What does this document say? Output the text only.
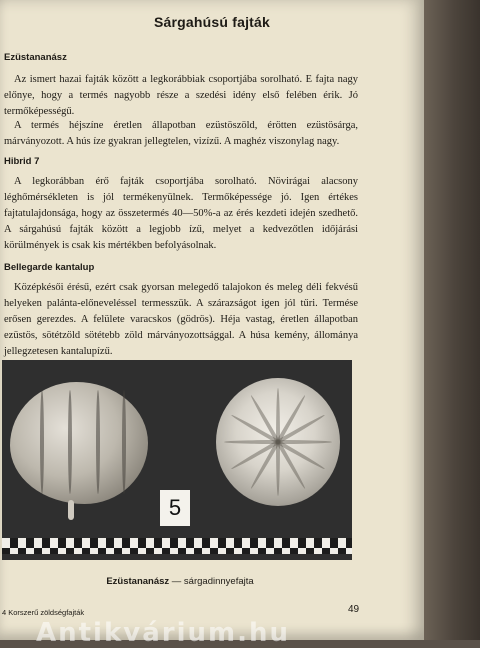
Sárgahúsú fajták
Ezüstananász

Az ismert hazai fajták között a legkorábbiak csoportjába sorolható. E fajta nagy előnye, hogy a termés nagyobb része a szedési idény első felében érik. Jó termőképességű.

A termés héjszíne éretlen állapotban ezüstöszöld, érötten ezüstösárga, márványozott. A hús íze gyakran jellegtelen, vizízű. A maghéz viszonylag nagy.

Hibrid 7

A legkorábban érő fajták csoportjába sorolható. Növirágai alacsony léghőmérsékleten is jól termékenyülnek. Termőképessége jó. Igen értékes fajtatulajdonsága, hogy az összetermés 40—50%-a az érés kezdeti idején szedhető. A sárgahúsú fajták között a legjobb ízű, melyet a kedvezőtlen időjárási körülmények is csak kis mértékben befolyásolnak.

Bellegarde kantalup

Középkésői érésű, ezért csak gyorsan melegedő talajokon és meleg déli fekvésű helyeken palánta-előneveléssel termesszük. A szárazságot igen jól tűri. Termése erősen gerezdes. A felülete varacskos (gödrös). Héja vastag, éretlen állapotban ezüstös, sötétzöld sötétebb zöld márványozottsággal. A húsa kemény, állománya jellegzetesen kantalupízű.

5
Ezüstananász — sárgadinnyefajta
49
4 Korszerű zöldségfajták
Antikvárium.hu
